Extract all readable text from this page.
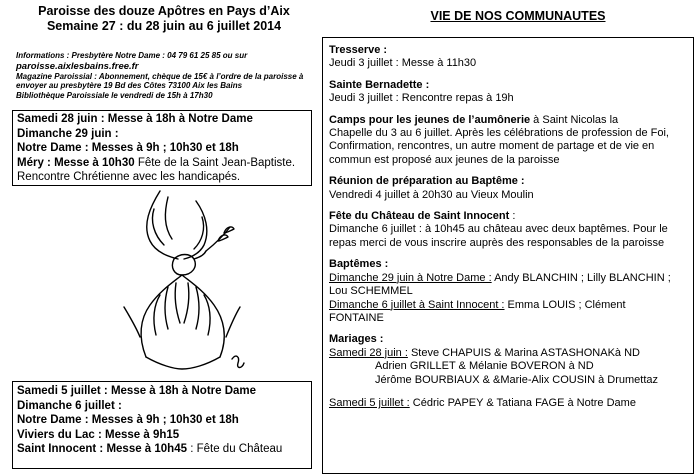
Paroisse des douze Apôtres en Pays d’Aix
Semaine 27 : du 28 juin au 6 juillet 2014
Informations : Presbytère Notre Dame : 04 79 61 25 85 ou sur
paroisse.aixlesbains.free.fr
Magazine Paroissial : Abonnement, chèque de 15€ à l’ordre de la paroisse à
envoyer au presbytère 19 Bd des Côtes 73100 Aix les Bains
Bibliothèque Paroissiale le vendredi de 15h à 17h30

Samedi 28 juin : Messe à 18h à Notre Dame

Dimanche 29 juin :

Notre Dame : Messes à 9h ; 10h30 et 18h

Méry : Messe à 10h30 Fête de la Saint Jean-Baptiste.

Rencontre Chrétienne avec les handicapés.

Samedi 5 juillet : Messe à 18h à Notre Dame

Dimanche 6 juillet :

Notre Dame : Messes à 9h ; 10h30 et 18h

Viviers du Lac : Messe à 9h15

Saint Innocent : Messe à 10h45 : Fête du Château

VIE DE NOS COMMUNAUTES

Tresserve :

Jeudi 3 juillet : Messe à 11h30

Sainte Bernadette :

Jeudi 3 juillet : Rencontre repas à 19h

Camps pour les jeunes de l’aumônerie à Saint Nicolas la

Chapelle du 3 au 6 juillet. Après les célébrations de profession de Foi,

Confirmation, rencontres, un autre moment de partage et de vie en

commun est proposé aux jeunes de la paroisse

Réunion de préparation au Baptême :

Vendredi 4 juillet à 20h30 au Vieux Moulin

Fête du Château de Saint Innocent :

Dimanche 6 juillet : à 10h45 au château avec deux baptêmes. Pour le

repas merci de vous inscrire auprès des responsables de la paroisse

Baptêmes :

Dimanche 29 juin à Notre Dame : Andy BLANCHIN ; Lilly BLANCHIN ;

Lou SCHEMMEL

Dimanche 6 juillet à Saint Innocent : Emma LOUIS ; Clément

FONTAINE

Mariages :

Samedi 28 juin : Steve CHAPUIS & Marina ASTASHONAKà ND

Adrien GRILLET & Mélanie BOVERON à ND

Jérôme BOURBIAUX & &Marie-Alix COUSIN à Drumettaz

Samedi 5 juillet : Cédric PAPEY & Tatiana FAGE à Notre Dame
